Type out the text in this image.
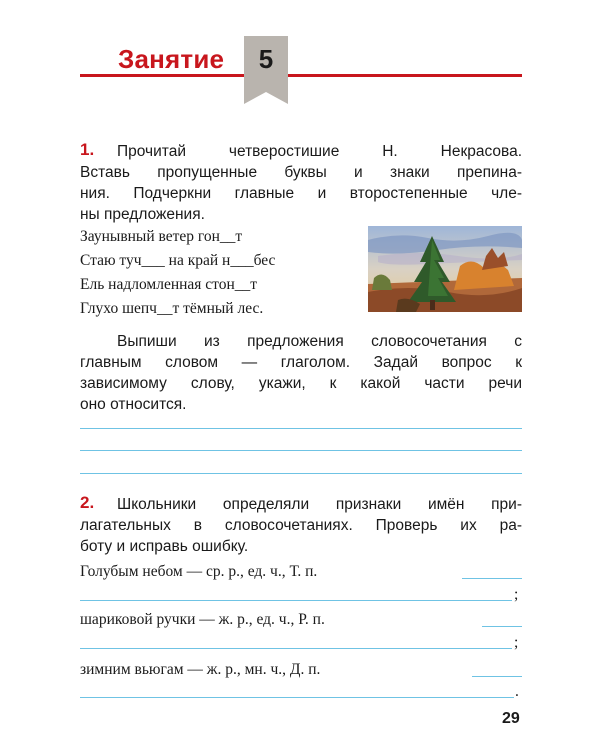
Занятие	5
1. Прочитай четверостишие Н. Некрасова.
Вставь пропущенные буквы и знаки препина-
ния. Подчеркни главные и второстепенные чле-
ны предложения.
Заунывный ветер гон__т
Стаю туч___ на край н___бес
Ель надломленная стон__т
Глухо шепч__т тёмный лес.
Выпиши из предложения словосочетания с
главным словом — глаголом. Задай вопрос к
зависимому слову, укажи, к какой части речи
оно относится.
2. Школьники определяли признаки имён при-
лагательных в словосочетаниях. Проверь их ра-
боту и исправь ошибку.
Голубым небом — ср. р., ед. ч., Т. п.
;
шариковой ручки — ж. р., ед. ч., Р. п.
;
зимним вьюгам — ж. р., мн. ч., Д. п.
.
29
